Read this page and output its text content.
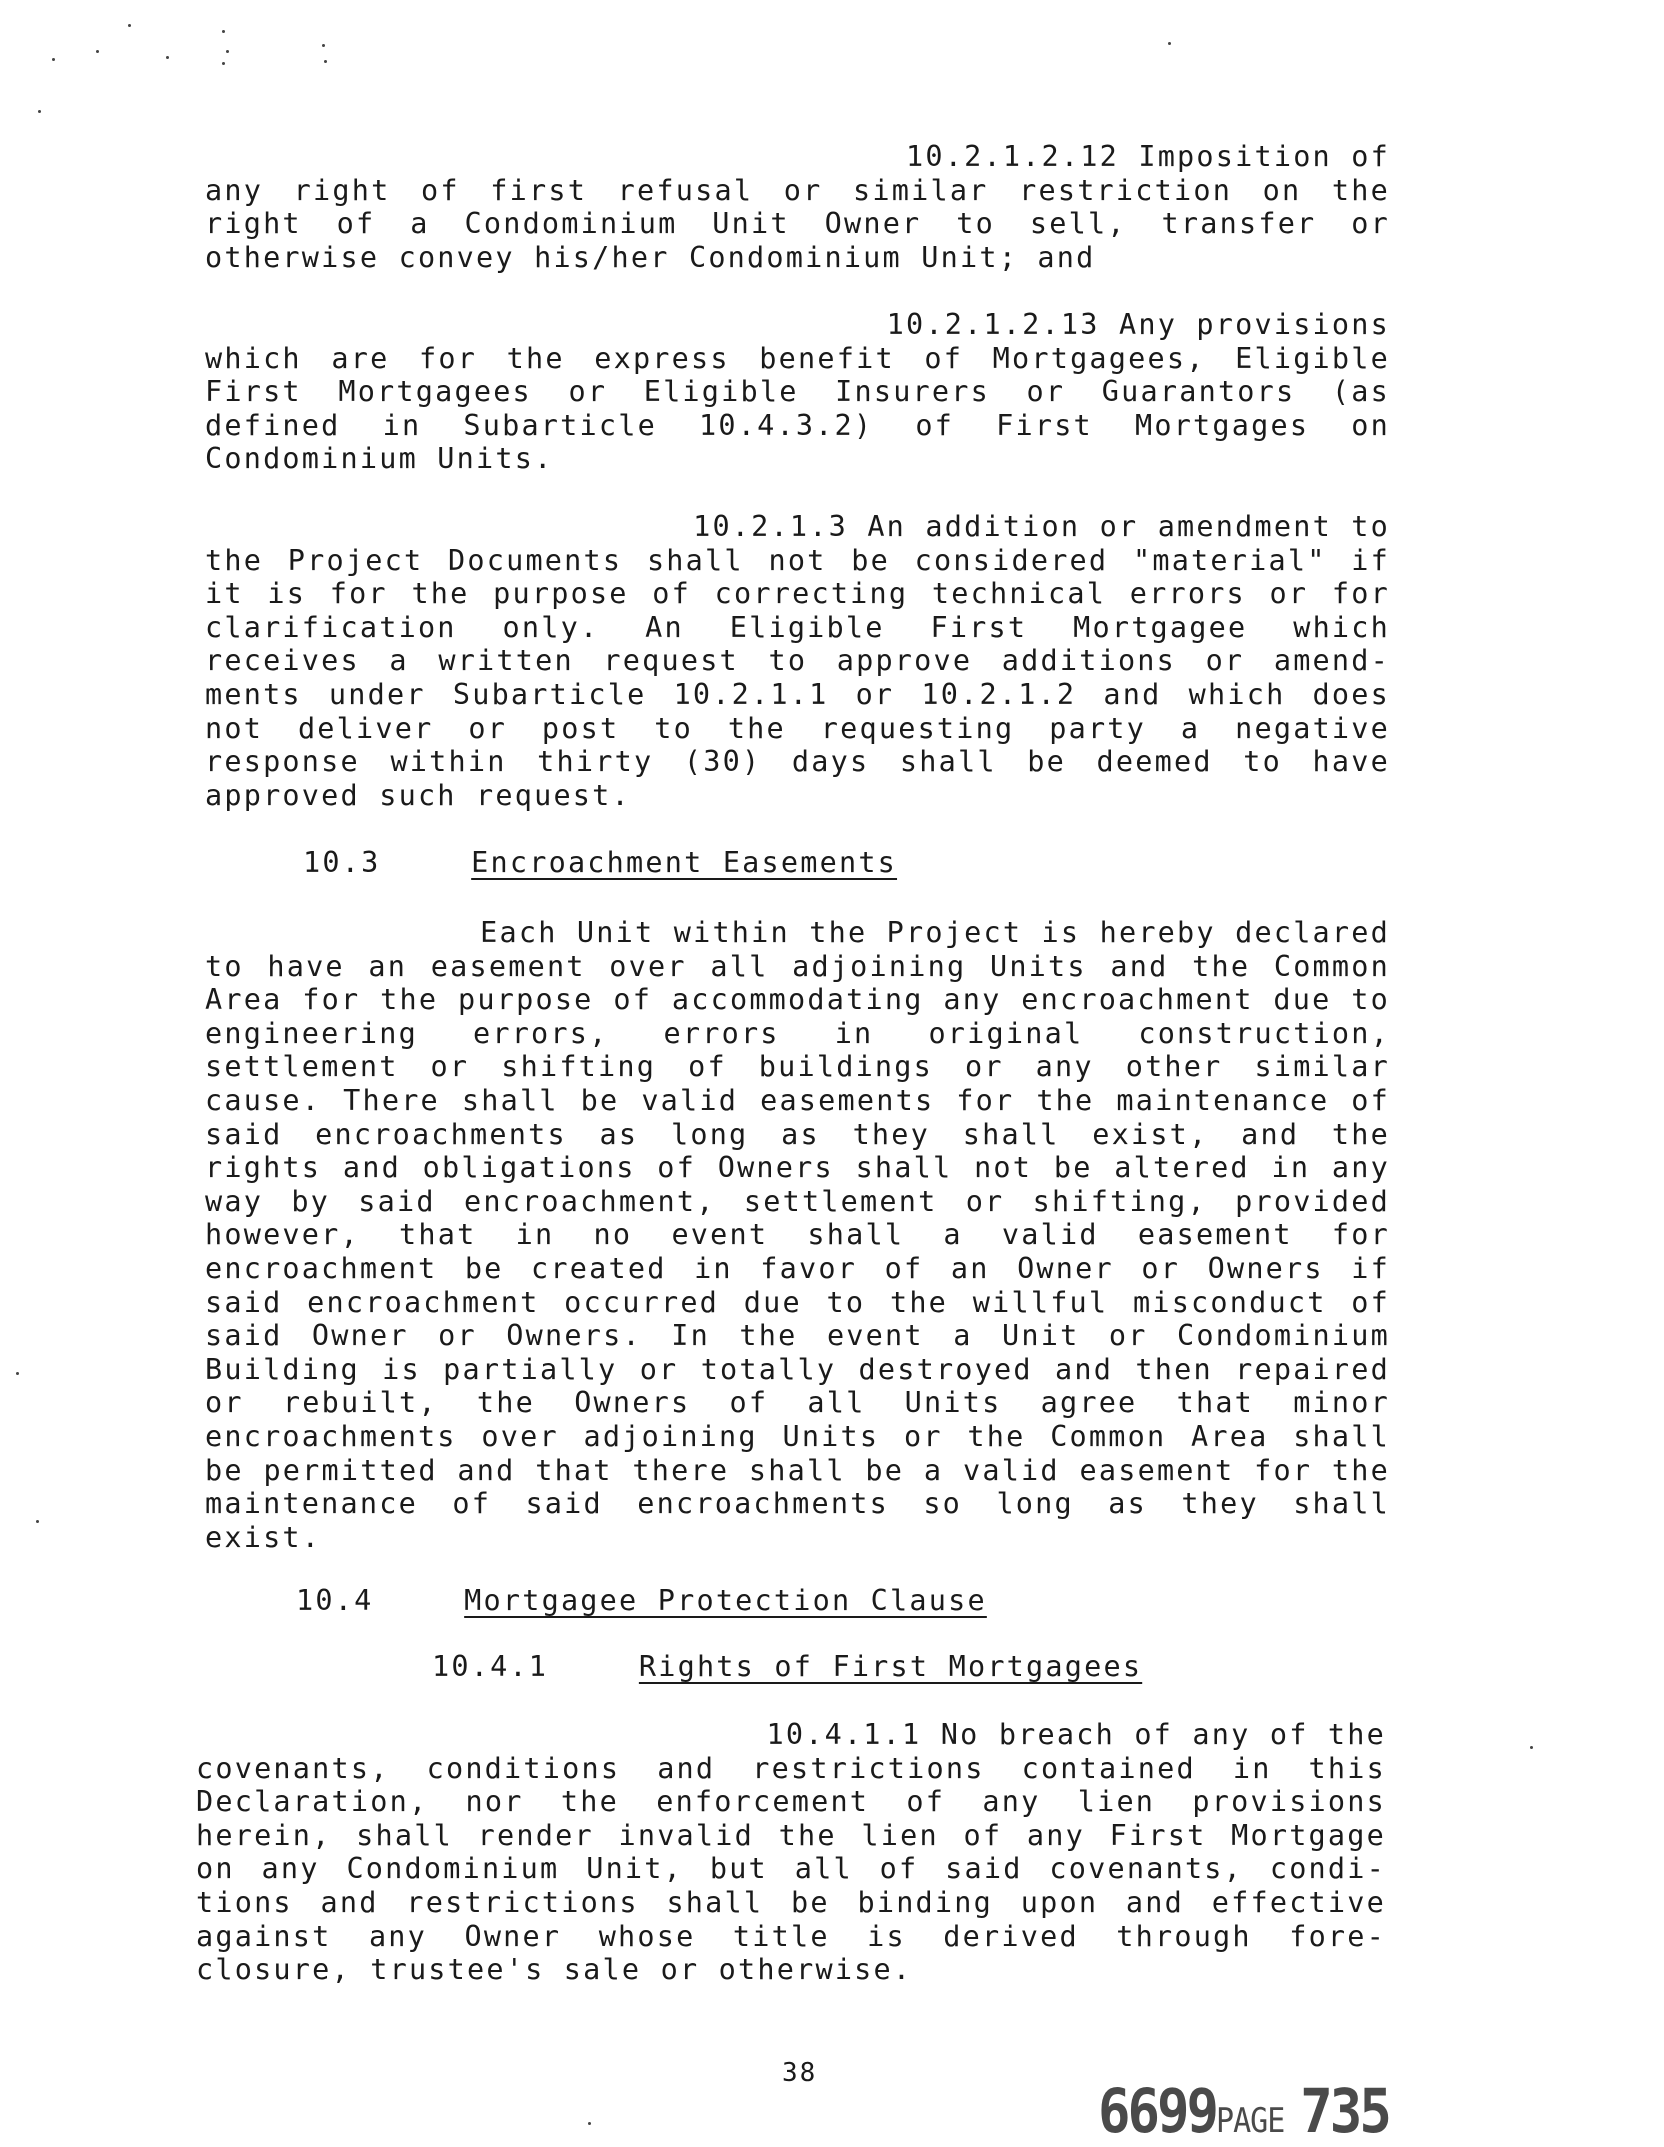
10.2.1.2.12 Imposition of

any right of first refusal or similar restriction on the right of a Condominium Unit Owner to sell, transfer or otherwise convey his/her Condominium Unit; and

10.2.1.2.13 Any provisions

which are for the express benefit of Mortgagees, Eligible First Mortgagees or Eligible Insurers or Guarantors (as defined in Subarticle 10.4.3.2) of First Mortgages on Condominium Units.

10.2.1.3 An addition or amendment to

the Project Documents shall not be considered "material" if it is for the purpose of correcting technical errors or for clarification only. An Eligible First Mortgagee which receives a written request to approve additions or amend- ments under Subarticle 10.2.1.1 or 10.2.1.2 and which does not deliver or post to the requesting party a negative response within thirty (30) days shall be deemed to have approved such request.

10.3	Encroachment Easements
Each Unit within the Project is hereby declared

to have an easement over all adjoining Units and the Common Area for the purpose of accommodating any encroachment due to engineering errors, errors in original construction, settlement or shifting of buildings or any other similar cause. There shall be valid easements for the maintenance of said encroachments as long as they shall exist, and the rights and obligations of Owners shall not be altered in any way by said encroachment, settlement or shifting, provided however, that in no event shall a valid easement for encroachment be created in favor of an Owner or Owners if said encroachment occurred due to the willful misconduct of said Owner or Owners. In the event a Unit or Condominium Building is partially or totally destroyed and then repaired or rebuilt, the Owners of all Units agree that minor encroachments over adjoining Units or the Common Area shall be permitted and that there shall be a valid easement for the maintenance of said encroachments so long as they shall exist.

10.4	Mortgagee Protection Clause
10.4.1	Rights of First Mortgagees
10.4.1.1 No breach of any of the

covenants, conditions and restrictions contained in this Declaration, nor the enforcement of any lien provisions herein, shall render invalid the lien of any First Mortgage on any Condominium Unit, but all of said covenants, condi- tions and restrictions shall be binding upon and effective against any Owner whose title is derived through fore- closure, trustee's sale or otherwise.

38
6699PAGE 735
